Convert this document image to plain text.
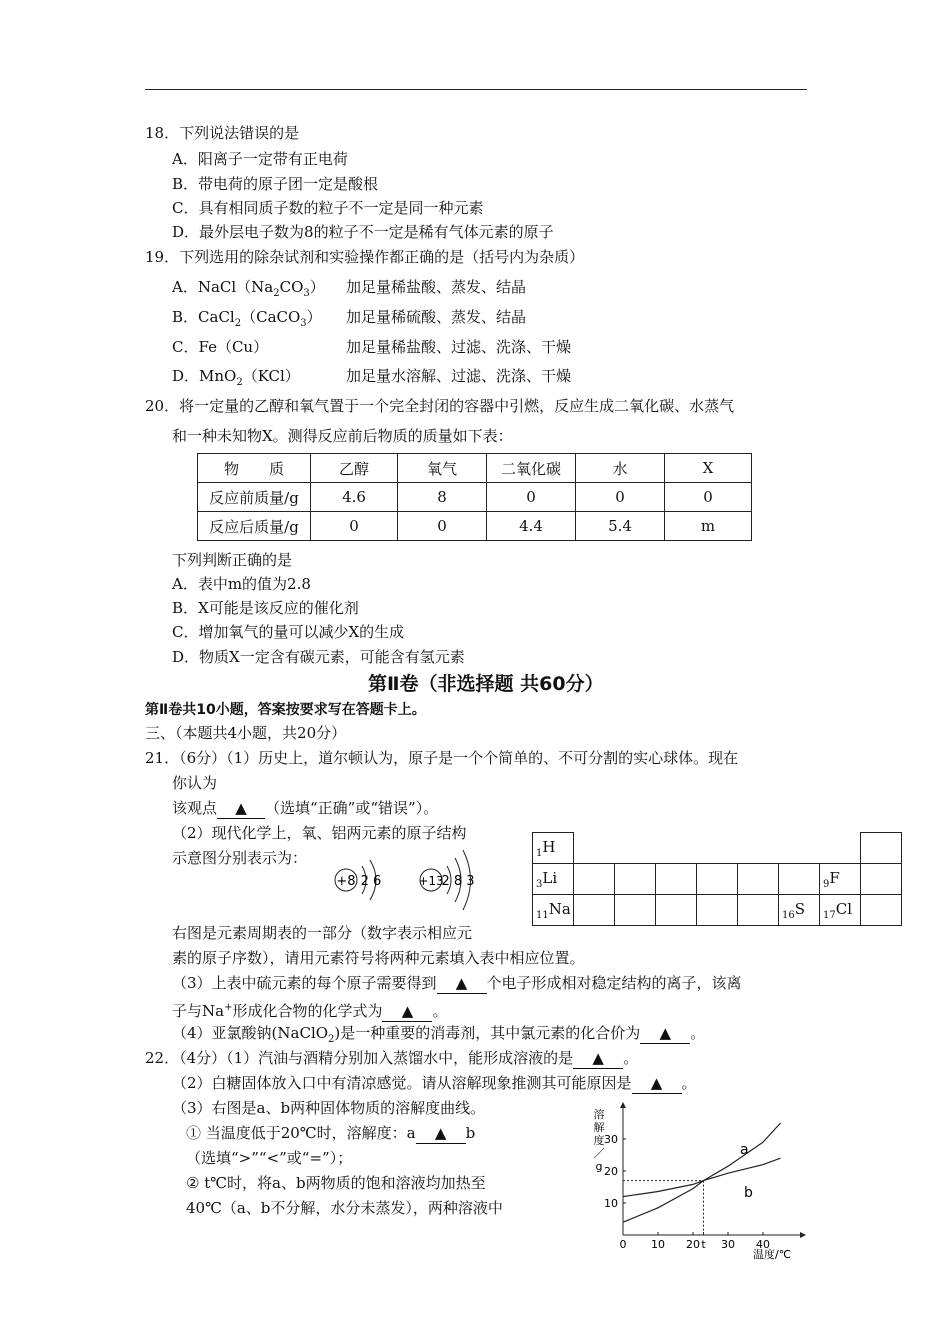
18．下列说法错误的是
A．阳离子一定带有正电荷
B．带电荷的原子团一定是酸根
C．具有相同质子数的粒子不一定是同一种元素
D．最外层电子数为8的粒子不一定是稀有气体元素的原子
19．下列选用的除杂试剂和实验操作都正确的是（括号内为杂质）
A．$NaCl(Na_2CO_3)$ 加足量稀盐酸、蒸发、结晶
B．CaCl$_2$（CaCO$_3$） 加足量稀硫酸、蒸发、结晶
C．Fe（Cu）	加足量稀盐酸、过滤、洗涤、干燥
D．MnO$_2$（KCl）	加足量水溶解、过滤、洗涤、干燥
20．将一定量的乙醇和氧气置于一个完全封闭的容器中引燃，反应生成二氧化碳、水蒸气
和一种未知物X。测得反应前后物质的质量如下表：
物　　质	乙醇	氧气	二氧化碳	水	X
反应前质量/g	4.6	8	0	0	0
反应后质量/g	0	0	4.4	5.4	m
下列判断正确的是
A．表中m的值为2.8
B．X可能是该反应的催化剂
C．增加氧气的量可以减少X的生成
D．物质X一定含有碳元素，可能含有氢元素
第Ⅱ卷（非选择题 共60分）
第Ⅱ卷共10小题，答案按要求写在答题卡上。
三、（本题共4小题，共20分）
21．（6分）（1）历史上，道尔顿认为，原子是一个个简单的、不可分割的实心球体。现在
你认为
该观点 ▲ （选填“正确”或“错误”）。
（2）现代化学上，氧、铝两元素的原子结构
示意图分别表示为：
+8 2 6	+13
2 8 3
$_1$H								
$_3$Li							$_9$F	
$_{11}$Na						$_{16}$S	$_{17}$Cl	
右图是元素周期表的一部分（数字表示相应元
素的原子序数），请用元素符号将两种元素填入表中相应位置。
（3）上表中硫元素的每个原子需要得到 ▲ 个电子形成相对稳定结构的离子，该离
子与Na+形成化合物的化学式为 ▲ 。
（4）亚氯酸钠(NaClO$_2$)是一种重要的消毒剂，其中氯元素的化合价为 ▲ 。
22．（4分）（1）汽油与酒精分别加入蒸馏水中，能形成溶液的是 ▲ 。
（2）白糖固体放入口中有清凉感觉。请从溶解现象推测其可能原因是 ▲ 。
（3）右图是a、b两种固体物质的溶解度曲线。
① 当温度低于20℃时，溶解度：a ▲ b
（选填“>”“<”或“=”）；
② t℃时，将a、b两物质的饱和溶液均加热至
40℃（a、b不分解，水分未蒸发），两种溶液中
溶
解
度
／
g
0 10 20 t 30 40
10
20
30
a
b
温度/℃
